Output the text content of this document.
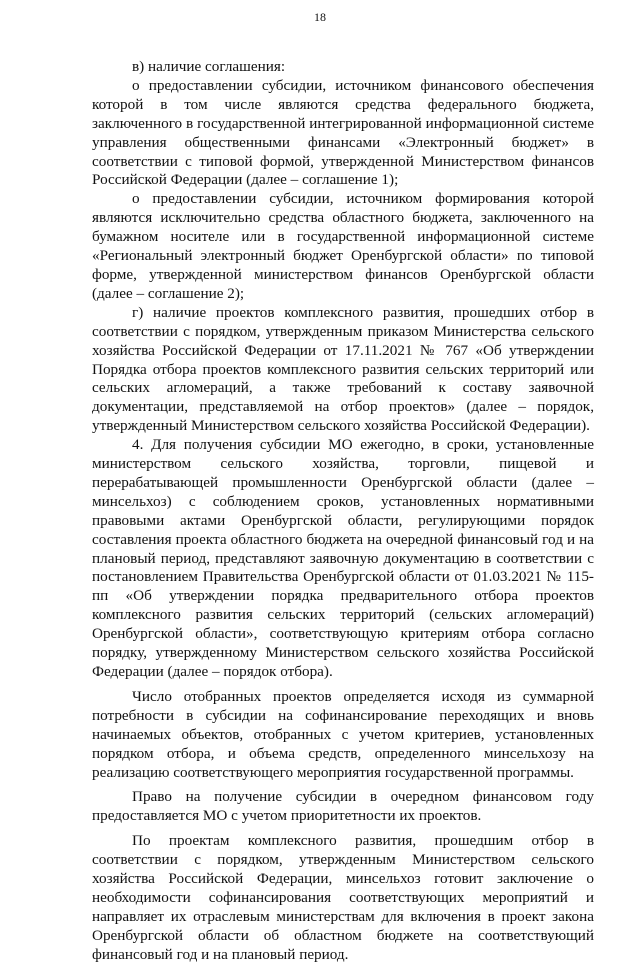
18

в) наличие соглашения:

о предоставлении субсидии, источником финансового обеспечения которой в том числе являются средства федерального бюджета, заключенного в государственной интегрированной информационной системе управления общественными финансами «Электронный бюджет» в соответствии с типовой формой, утвержденной Министерством финансов Российской Федерации (далее – соглашение 1);

о предоставлении субсидии, источником формирования которой являются исключительно средства областного бюджета, заключенного на бумажном носителе или в государственной информационной системе «Региональный электронный бюджет Оренбургской области» по типовой форме, утвержденной министерством финансов Оренбургской области (далее – соглашение 2);

г) наличие проектов комплексного развития, прошедших отбор в соответствии с порядком, утвержденным приказом Министерства сельского хозяйства Российской Федерации от 17.11.2021 № 767 «Об утверждении Порядка отбора проектов комплексного развития сельских территорий или сельских агломераций, а также требований к составу заявочной документации, представляемой на отбор проектов» (далее – порядок, утвержденный Министерством сельского хозяйства Российской Федерации).

4. Для получения субсидии МО ежегодно, в сроки, установленные министерством сельского хозяйства, торговли, пищевой и перерабатывающей промышленности Оренбургской области (далее – минсельхоз) с соблюдением сроков, установленных нормативными правовыми актами Оренбургской области, регулирующими порядок составления проекта областного бюджета на очередной финансовый год и на плановый период, представляют заявочную документацию в соответствии с постановлением Правительства Оренбургской области от 01.03.2021 № 115-пп «Об утверждении порядка предварительного отбора проектов комплексного развития сельских территорий (сельских агломераций) Оренбургской области», соответствующую критериям отбора согласно порядку, утвержденному Министерством сельского хозяйства Российской Федерации (далее – порядок отбора).

Число отобранных проектов определяется исходя из суммарной потребности в субсидии на софинансирование переходящих и вновь начинаемых объектов, отобранных с учетом критериев, установленных порядком отбора, и объема средств, определенного минсельхозу на реализацию соответствующего мероприятия государственной программы.

Право на получение субсидии в очередном финансовом году предоставляется МО с учетом приоритетности их проектов.

По проектам комплексного развития, прошедшим отбор в соответствии с порядком, утвержденным Министерством сельского хозяйства Российской Федерации, минсельхоз готовит заключение о необходимости софинансирования соответствующих мероприятий и направляет их отраслевым министерствам для включения в проект закона Оренбургской области об областном бюджете на соответствующий финансовый год и на плановый период.
